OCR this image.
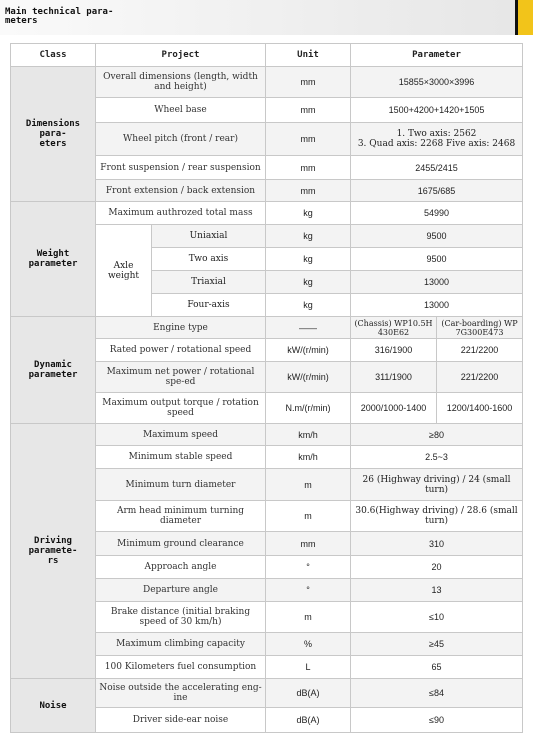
Main technical para-
meters
Class	Project		Unit	Parameter	
Dimensions para-
eters	Overall dimensions (length, width and height)		mm	15855×3000×3996	
	Wheel base		mm	1500+4200+1420+1505	
	Wheel pitch (front / rear)		mm	1. Two axis: 2562
3. Quad axis: 2268 Five axis: 2468	
	Front suspension / rear suspension		mm	2455/2415	
	Front extension / back extension		mm	1675/685	
Weight parameter	Maximum authrozed total mass		kg	54990	
	Axle weight	Uniaxial	kg	9500	
		Two axis	kg	9500	
		Triaxial	kg	13000	
		Four-axis	kg	13000	
Dynamic parameter	Engine type		——	(Chassis) WP10.5H 430E62	(Car-boarding) WP 7G300E473
	Rated power / rotational speed		kW/(r/min)	316/1900	221/2200
	Maximum net power / rotational spe-ed		kW/(r/min)	311/1900	221/2200
	Maximum output torque / rotation speed		N.m/(r/min)	2000/1000-1400	1200/1400-1600
Driving paramete-
rs	Maximum speed		km/h	≥80	
	Minimum stable speed		km/h	2.5~3	
	Minimum turn diameter		m	26 (Highway driving) / 24 (small turn)	
	Arm head minimum turning diameter		m	30.6(Highway driving) / 28.6 (small turn)	
	Minimum ground clearance		mm	310	
	Approach angle		°	20	
	Departure angle		°	13	
	Brake distance (initial braking speed of 30 km/h)		m	≤10	
	Maximum climbing capacity		%	≥45	
	100 Kilometers fuel consumption		L	65	
Noise	Noise outside the accelerating eng-ine		dB(A)	≤84	
	Driver side-ear noise		dB(A)	≤90	
